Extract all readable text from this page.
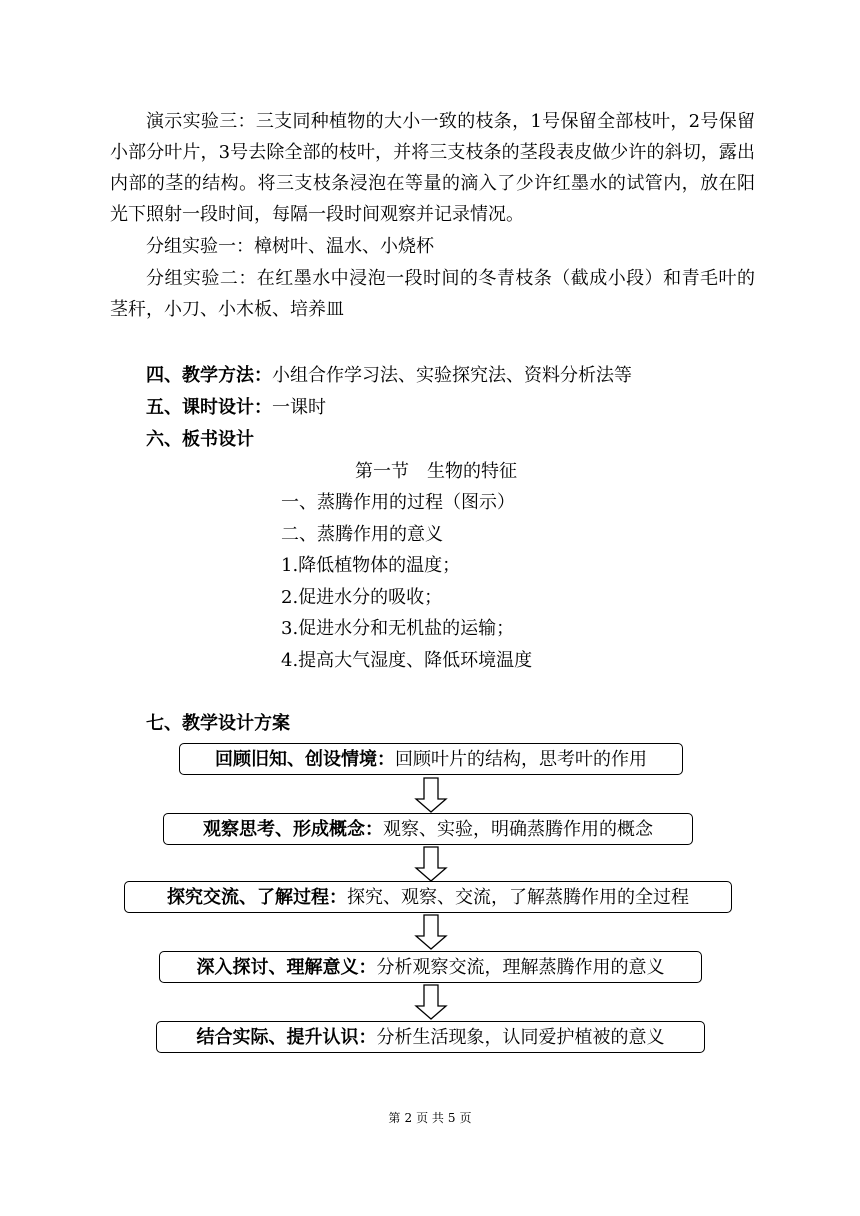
演示实验三：三支同种植物的大小一致的枝条，1号保留全部枝叶，2号保留小部分叶片，3号去除全部的枝叶，并将三支枝条的茎段表皮做少许的斜切，露出内部的茎的结构。将三支枝条浸泡在等量的滴入了少许红墨水的试管内，放在阳光下照射一段时间，每隔一段时间观察并记录情况。

分组实验一：樟树叶、温水、小烧杯

分组实验二：在红墨水中浸泡一段时间的冬青枝条（截成小段）和青毛叶的茎秆，小刀、小木板、培养皿

四、教学方法：小组合作学习法、实验探究法、资料分析法等
五、课时设计：一课时
六、板书设计
第一节　生物的特征
一、蒸腾作用的过程（图示）
二、蒸腾作用的意义
1.降低植物体的温度；
2.促进水分的吸收；
3.促进水分和无机盐的运输；
4.提高大气湿度、降低环境温度
七、教学设计方案
回顾旧知、创设情境： 回顾叶片的结构，思考叶的作用
观察思考、形成概念： 观察、实验，明确蒸腾作用的概念
探究交流、了解过程： 探究、观察、交流，了解蒸腾作用的全过程
深入探讨、理解意义： 分析观察交流，理解蒸腾作用的意义
结合实际、提升认识： 分析生活现象，认同爱护植被的意义
第 2 页 共 5 页
